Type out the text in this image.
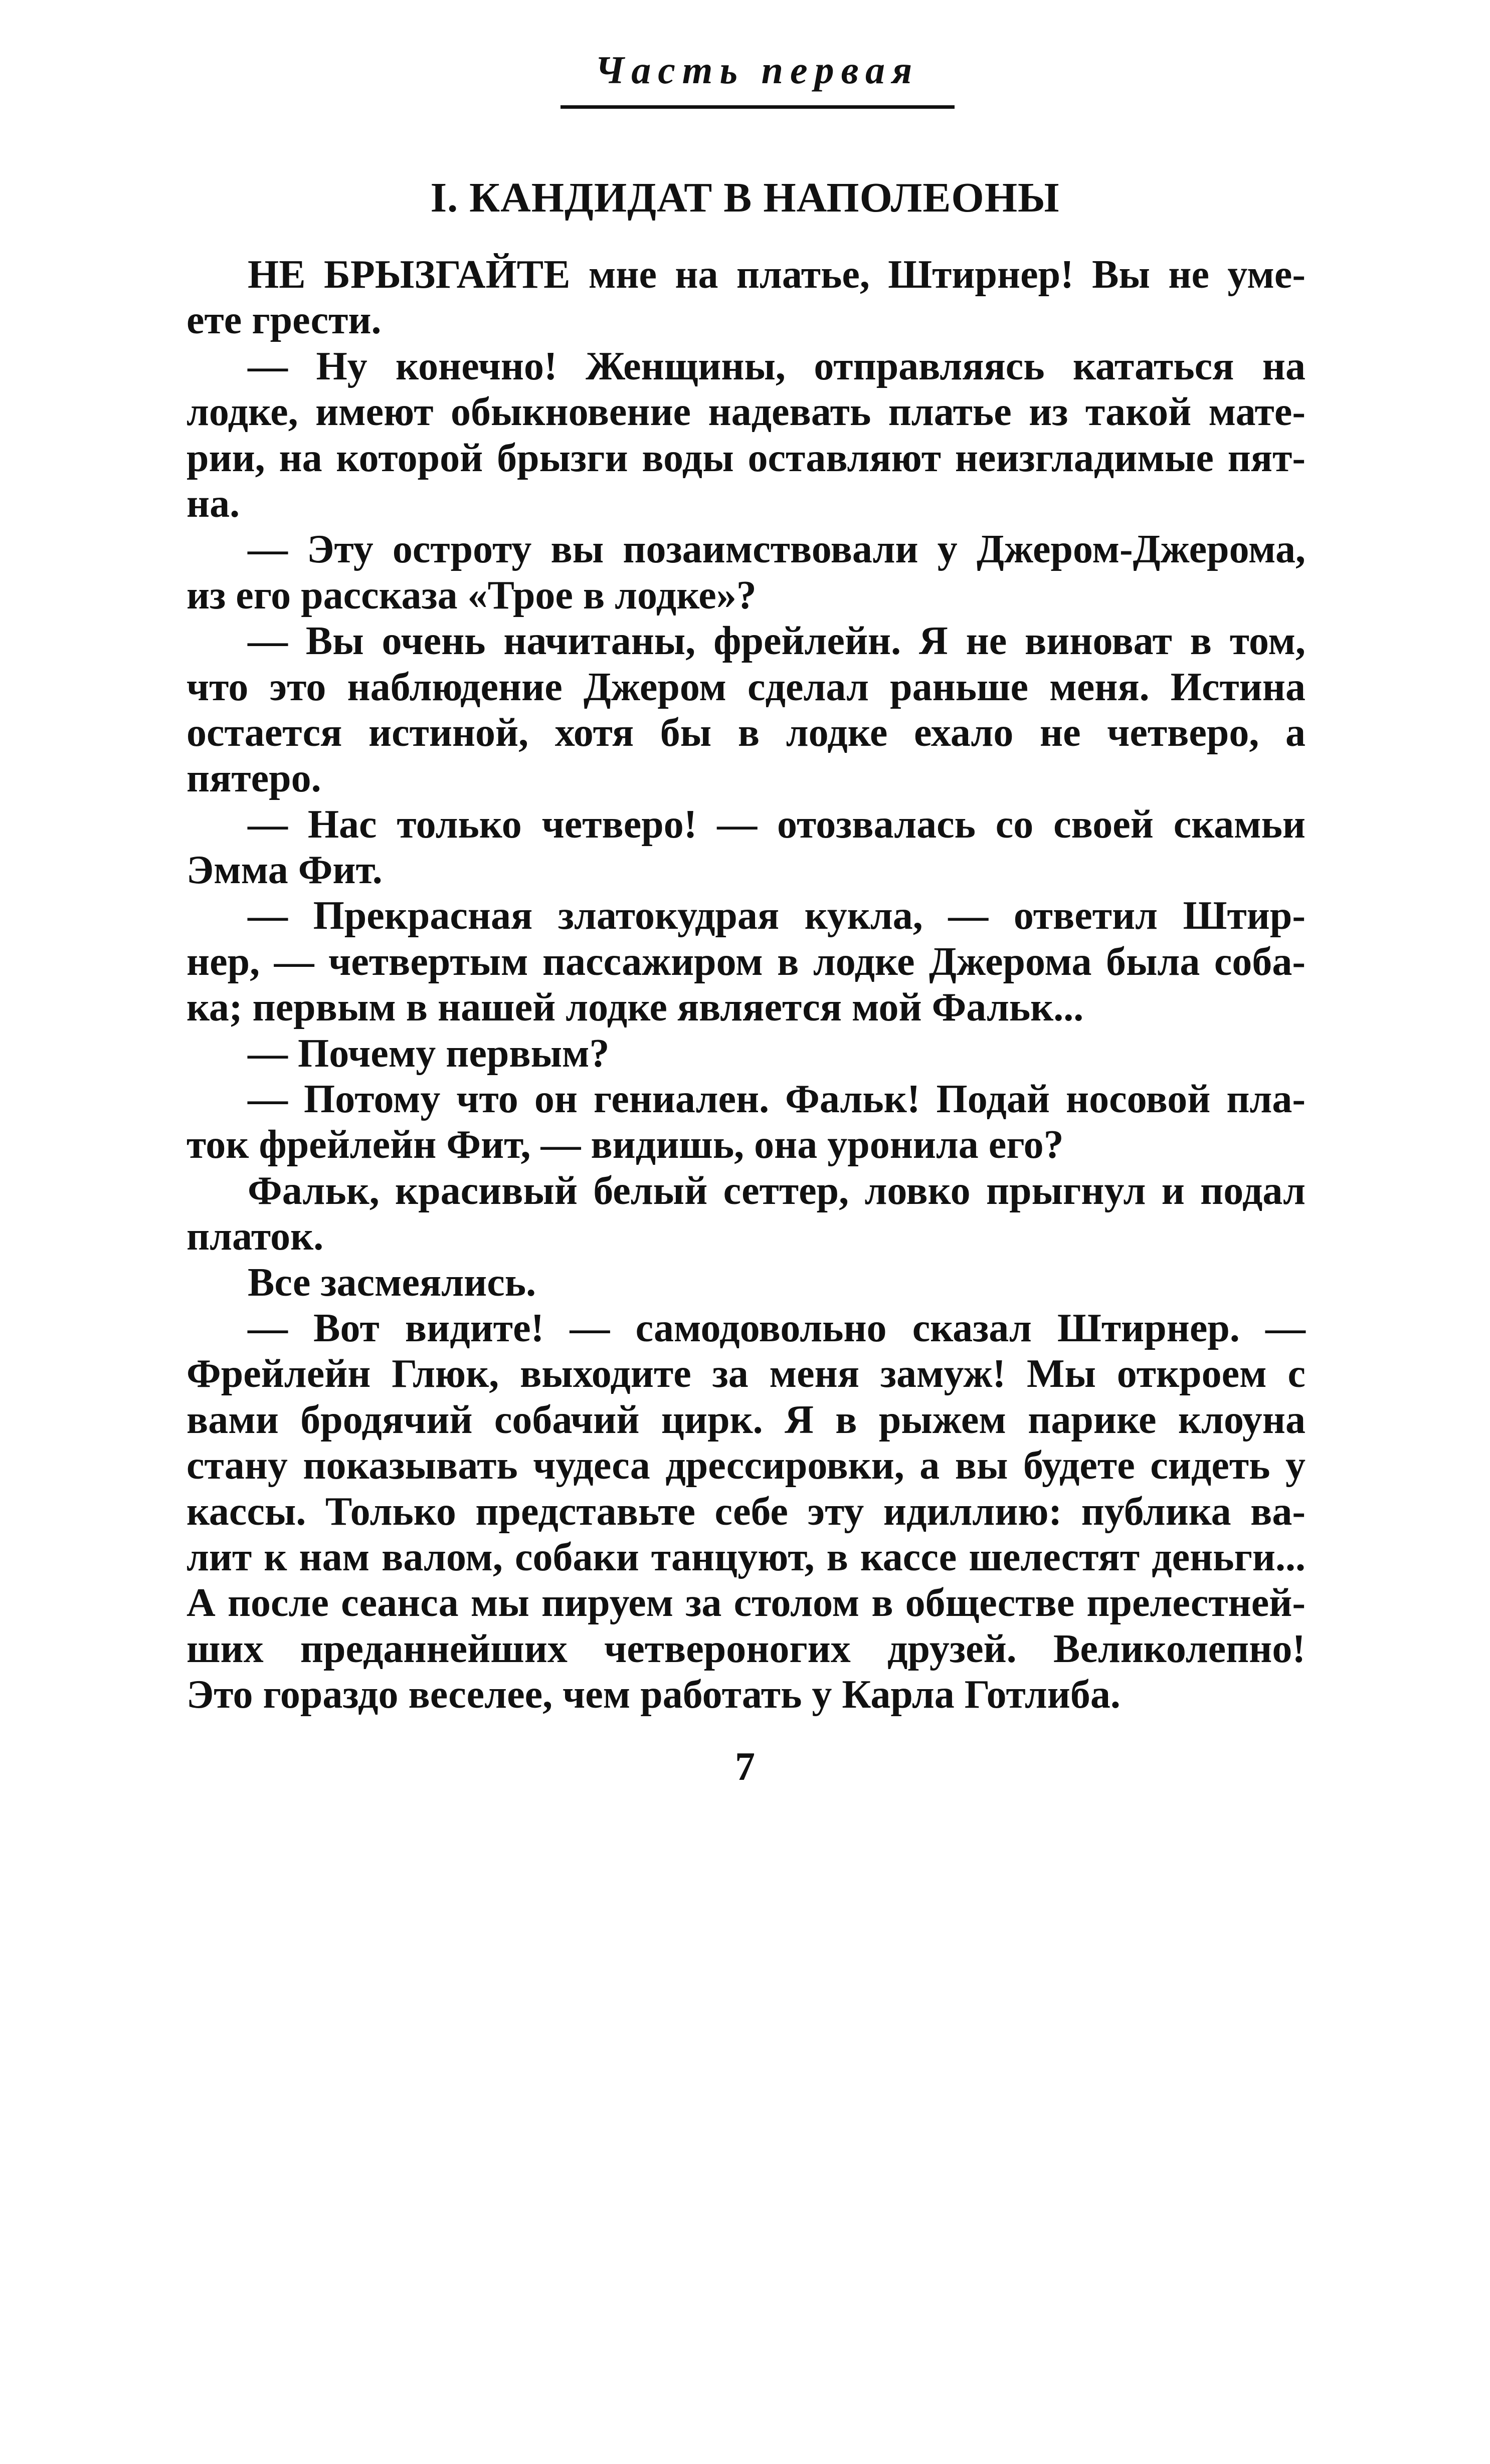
Часть первая
I. КАНДИДАТ В НАПОЛЕОНЫ
НЕ БРЫЗГАЙТЕ мне на платье, Штирнер! Вы не уме-
ете грести.
— Ну конечно! Женщины, отправляясь кататься на
лодке, имеют обыкновение надевать платье из такой мате-
рии, на которой брызги воды оставляют неизгладимые пят-
на.
— Эту остроту вы позаимствовали у Джером-Джерома,
из его рассказа «Трое в лодке»?
— Вы очень начитаны, фрейлейн. Я не виноват в том,
что это наблюдение Джером сделал раньше меня. Истина
остается истиной, хотя бы в лодке ехало не четверо, а
пятеро.
— Нас только четверо! — отозвалась со своей скамьи
Эмма Фит.
— Прекрасная златокудрая кукла, — ответил Штир-
нер, — четвертым пассажиром в лодке Джерома была соба-
ка; первым в нашей лодке является мой Фальк...
— Почему первым?
— Потому что он гениален. Фальк! Подай носовой пла-
ток фрейлейн Фит, — видишь, она уронила его?
Фальк, красивый белый сеттер, ловко прыгнул и подал
платок.
Все засмеялись.
— Вот видите! — самодовольно сказал Штирнер. —
Фрейлейн Глюк, выходите за меня замуж! Мы откроем с
вами бродячий собачий цирк. Я в рыжем парике клоуна
стану показывать чудеса дрессировки, а вы будете сидеть у
кассы. Только представьте себе эту идиллию: публика ва-
лит к нам валом, собаки танцуют, в кассе шелестят деньги...
А после сеанса мы пируем за столом в обществе прелестней-
ших преданнейших четвероногих друзей. Великолепно!
Это гораздо веселее, чем работать у Карла Готлиба.
7
